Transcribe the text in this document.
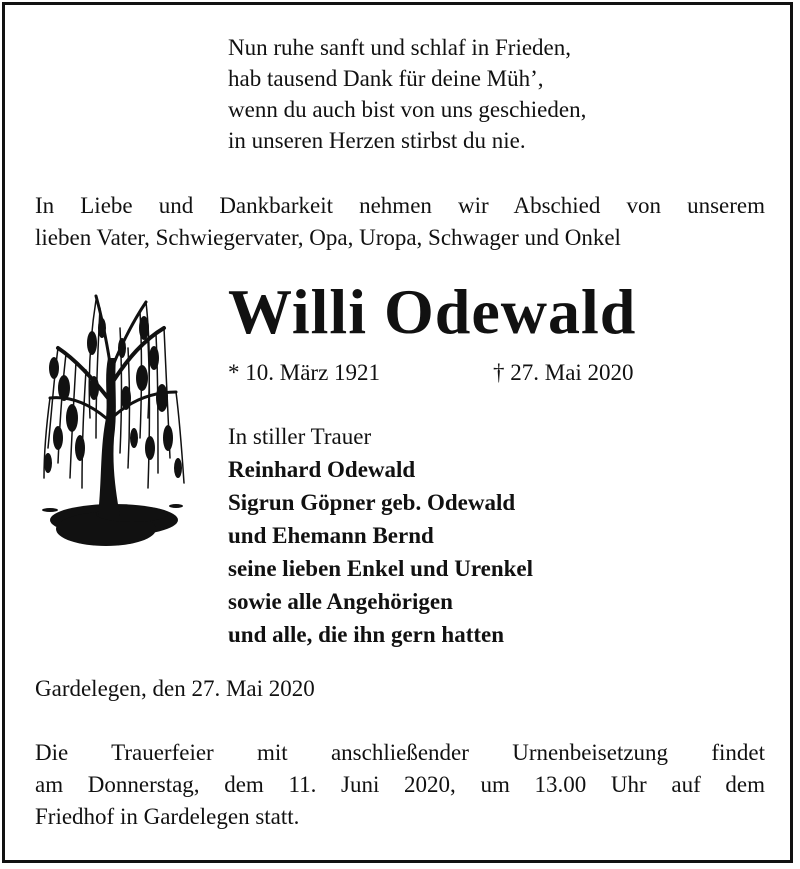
Nun ruhe sanft und schlaf in Frieden,
hab tausend Dank für deine Müh’,
wenn du auch bist von uns geschieden,
in unseren Herzen stirbst du nie.
In Liebe und Dankbarkeit nehmen wir Abschied von unserem
lieben Vater, Schwiegervater, Opa, Uropa, Schwager und Onkel
Willi Odewald
* 10. März 1921	† 27. Mai 2020
In stiller Trauer
Reinhard Odewald
Sigrun Göpner geb. Odewald
und Ehemann Bernd
seine lieben Enkel und Urenkel
sowie alle Angehörigen
und alle, die ihn gern hatten
Gardelegen, den 27. Mai 2020
Die Trauerfeier mit anschließender Urnenbeisetzung findet
am Donnerstag, dem 11. Juni 2020, um 13.00 Uhr auf dem
Friedhof in Gardelegen statt.
